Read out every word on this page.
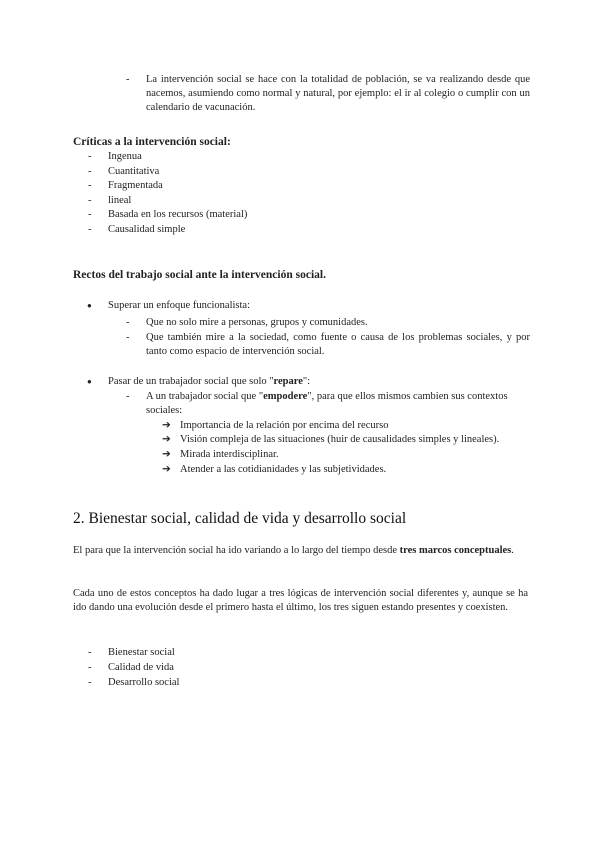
- La intervención social se hace con la totalidad de población, se va realizando desde que nacemos, asumiendo como normal y natural, por ejemplo: el ir al colegio o cumplir con un calendario de vacunación.
Críticas a la intervención social:
- Ingenua
- Cuantitativa
- Fragmentada
- lineal
- Basada en los recursos (material)
- Causalidad simple
Rectos del trabajo social ante la intervención social.
● Superar un enfoque funcionalista:
- Que no solo mire a personas, grupos y comunidades.
- Que también mire a la sociedad, como fuente o causa de los problemas sociales, y por tanto como espacio de intervención social.
● Pasar de un trabajador social que solo "repare":
- A un trabajador social que "empodere", para que ellos mismos cambien sus contextos sociales:
➔ Importancia de la relación por encima del recurso
➔ Visión compleja de las situaciones (huir de causalidades simples y lineales).
➔ Mirada interdisciplinar.
➔ Atender a las cotidianidades y las subjetividades.
2. Bienestar social, calidad de vida y desarrollo social
El para que la intervención social ha ido variando a lo largo del tiempo desde tres marcos conceptuales.
Cada uno de estos conceptos ha dado lugar a tres lógicas de intervención social diferentes y, aunque se ha ido dando una evolución desde el primero hasta el último, los tres siguen estando presentes y coexisten.
- Bienestar social
- Calidad de vida
- Desarrollo social
